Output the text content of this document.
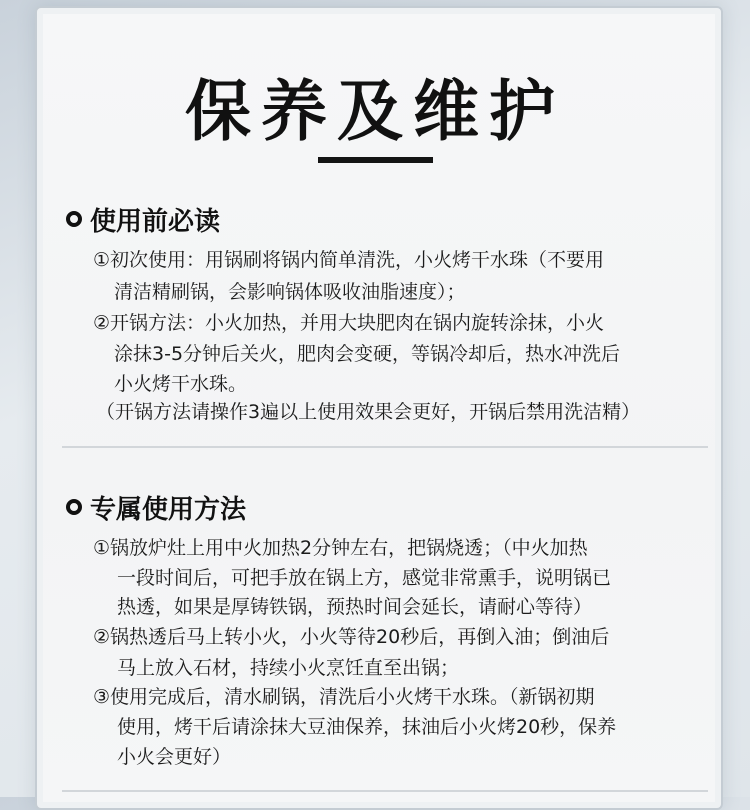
保养及维护
使用前必读
①初次使用：用锅刷将锅内简单清洗，小火烤干水珠（不要用
清洁精刷锅，会影响锅体吸收油脂速度）；
②开锅方法：小火加热，并用大块肥肉在锅内旋转涂抹，小火
涂抹3-5分钟后关火，肥肉会变硬，等锅冷却后，热水冲洗后
小火烤干水珠。
（开锅方法请操作3遍以上使用效果会更好，开锅后禁用洗洁精）
专属使用方法
①锅放炉灶上用中火加热2分钟左右，把锅烧透；（中火加热
一段时间后，可把手放在锅上方，感觉非常熏手，说明锅已
热透，如果是厚铸铁锅，预热时间会延长，请耐心等待）
②锅热透后马上转小火，小火等待20秒后，再倒入油；倒油后
马上放入石材，持续小火烹饪直至出锅；
③使用完成后，清水刷锅，清洗后小火烤干水珠。（新锅初期
使用，烤干后请涂抹大豆油保养，抹油后小火烤20秒，保养
小火会更好）
